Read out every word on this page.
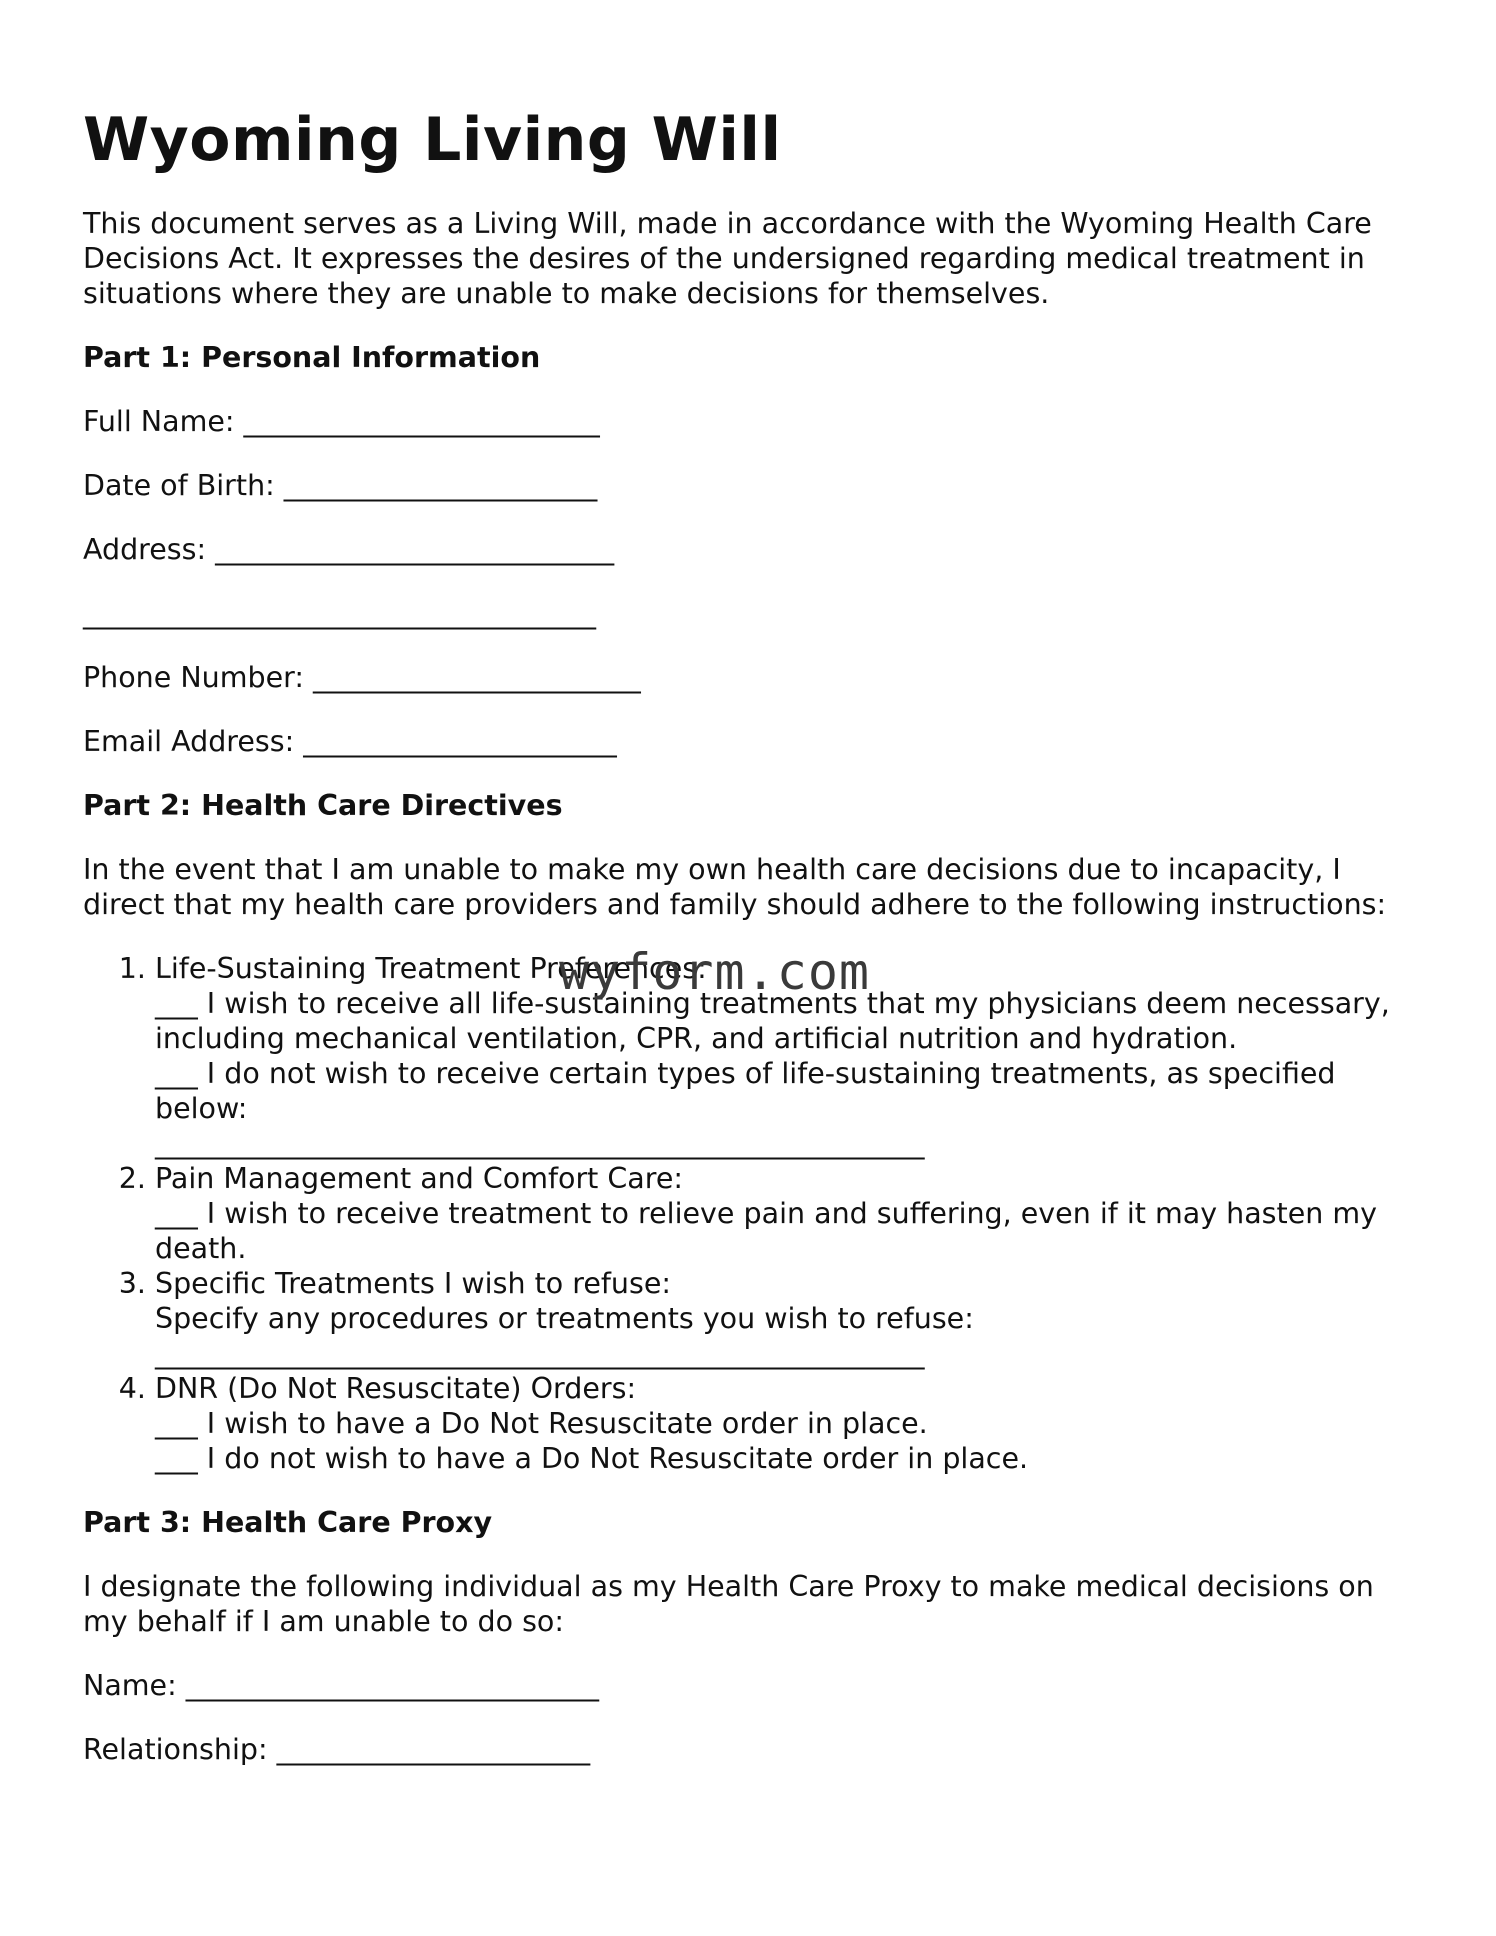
Wyoming Living Will

This document serves as a Living Will, made in accordance with the Wyoming Health Care Decisions Act. It expresses the desires of the undersigned regarding medical treatment in situations where they are unable to make decisions for themselves.

Part 1: Personal Information
Full Name: _________________________
Date of Birth: ______________________
Address: ____________________________
____________________________________
Phone Number: _______________________
Email Address: ______________________
Part 2: Health Care Directives

In the event that I am unable to make my own health care decisions due to incapacity, I direct that my health care providers and family should adhere to the following instructions:

1. Life-Sustaining Treatment Preferences:
___ I wish to receive all life-sustaining treatments that my physicians deem necessary, including mechanical ventilation, CPR, and artificial nutrition and hydration.
___ I do not wish to receive certain types of life-sustaining treatments, as specified below:
______________________________________________________
2. Pain Management and Comfort Care:
___ I wish to receive treatment to relieve pain and suffering, even if it may hasten my death.
3. Specific Treatments I wish to refuse:
Specify any procedures or treatments you wish to refuse:
______________________________________________________
4. DNR (Do Not Resuscitate) Orders:
___ I wish to have a Do Not Resuscitate order in place.
___ I do not wish to have a Do Not Resuscitate order in place.
Part 3: Health Care Proxy

I designate the following individual as my Health Care Proxy to make medical decisions on my behalf if I am unable to do so:

Name: _____________________________
Relationship: ______________________
wyform.com
